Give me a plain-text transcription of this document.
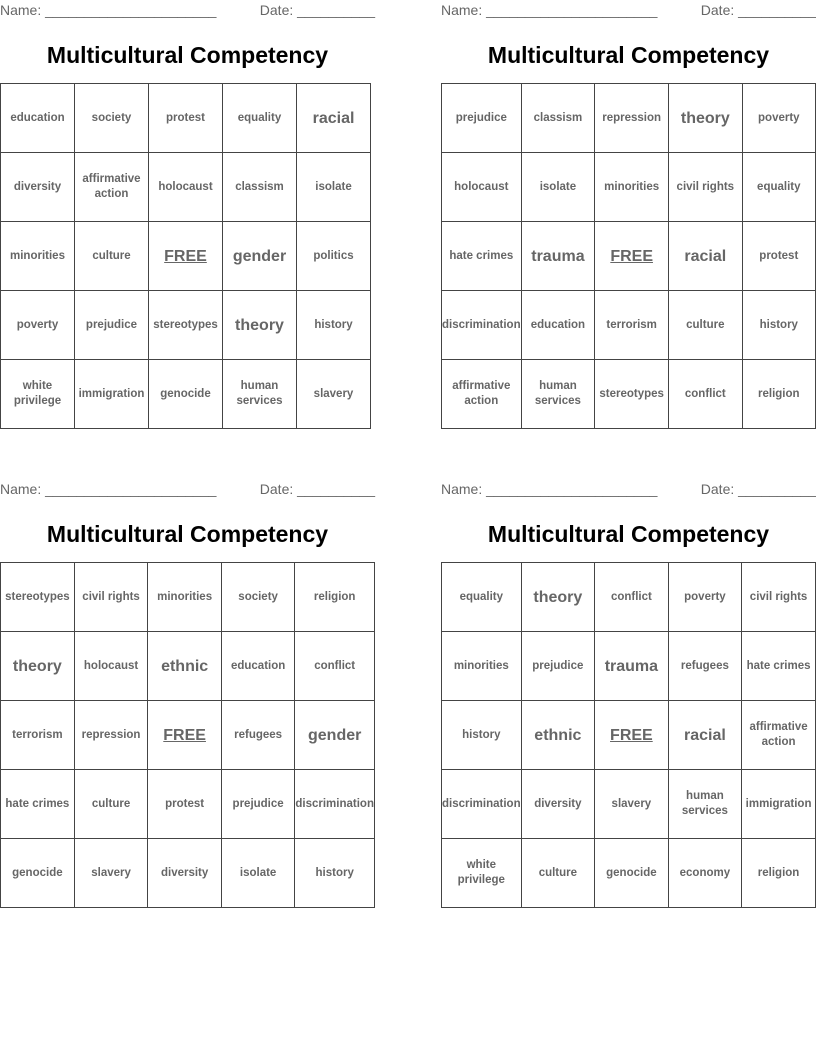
Name: ______________________	Date: __________
Multicultural Competency
education	society	protest	equality	racial
diversity	affirmative action	holocaust	classism	isolate
minorities	culture	FREE	gender	politics
poverty	prejudice	stereotypes	theory	history
white privilege	immigration	genocide	human services	slavery
Name: ______________________	Date: __________
Multicultural Competency
prejudice	classism	repression	theory	poverty
holocaust	isolate	minorities	civil rights	equality
hate crimes	trauma	FREE	racial	protest
discrimination	education	terrorism	culture	history
affirmative action	human services	stereotypes	conflict	religion
Name: ______________________	Date: __________
Multicultural Competency
stereotypes	civil rights	minorities	society	religion
theory	holocaust	ethnic	education	conflict
terrorism	repression	FREE	refugees	gender
hate crimes	culture	protest	prejudice	discrimination
genocide	slavery	diversity	isolate	history
Name: ______________________	Date: __________
Multicultural Competency
equality	theory	conflict	poverty	civil rights
minorities	prejudice	trauma	refugees	hate crimes
history	ethnic	FREE	racial	affirmative action
discrimination	diversity	slavery	human services	immigration
white privilege	culture	genocide	economy	religion
